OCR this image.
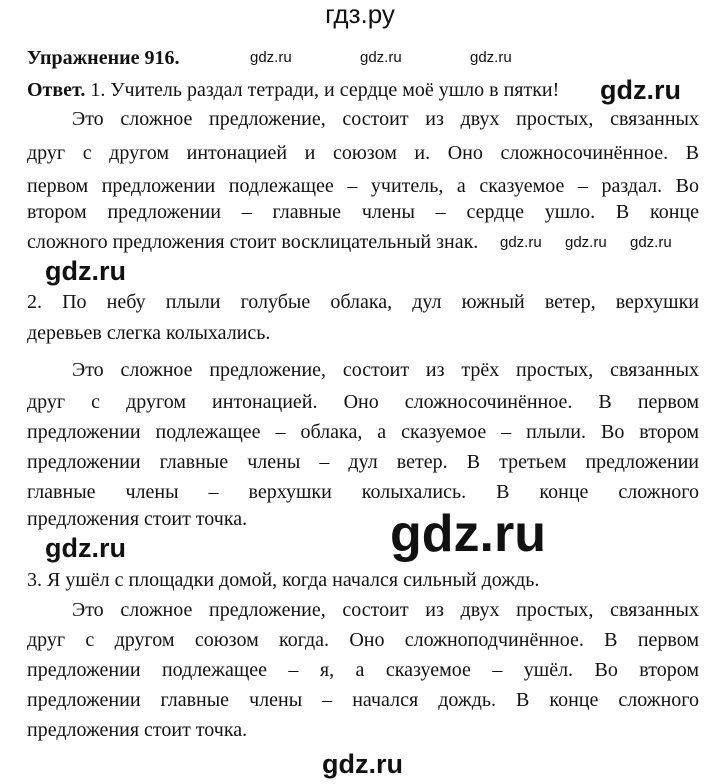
гдз.ру
Упражнение 916.
Ответ. 1. Учитель раздал тетради, и сердце моё ушло в пятки!
Это сложное предложение, состоит из двух простых, связанных
друг с другом интонацией и союзом и. Оно сложносочинённое. В
первом предложении подлежащее – учитель, а сказуемое – раздал. Во
втором предложении – главные члены – сердце ушло. В конце
сложного предложения стоит восклицательный знак.
2. По небу плыли голубые облака, дул южный ветер, верхушки
деревьев слегка колыхались.
Это сложное предложение, состоит из трёх простых, связанных
друг с другом интонацией. Оно сложносочинённое. В первом
предложении подлежащее – облака, а сказуемое – плыли. Во втором
предложении главные члены – дул ветер. В третьем предложении
главные члены – верхушки колыхались. В конце сложного
предложения стоит точка.
3. Я ушёл с площадки домой, когда начался сильный дождь.
Это сложное предложение, состоит из двух простых, связанных
друг с другом союзом когда. Оно сложноподчинённое. В первом
предложении подлежащее – я, а сказуемое – ушёл. Во втором
предложении главные члены – начался дождь. В конце сложного
предложения стоит точка.
gdz.ru	gdz.ru	gdz.ru
gdz.ru
gdz.ru gdz.ru gdz.ru
gdz.ru
gdz.ru
gdz.ru
gdz.ru
